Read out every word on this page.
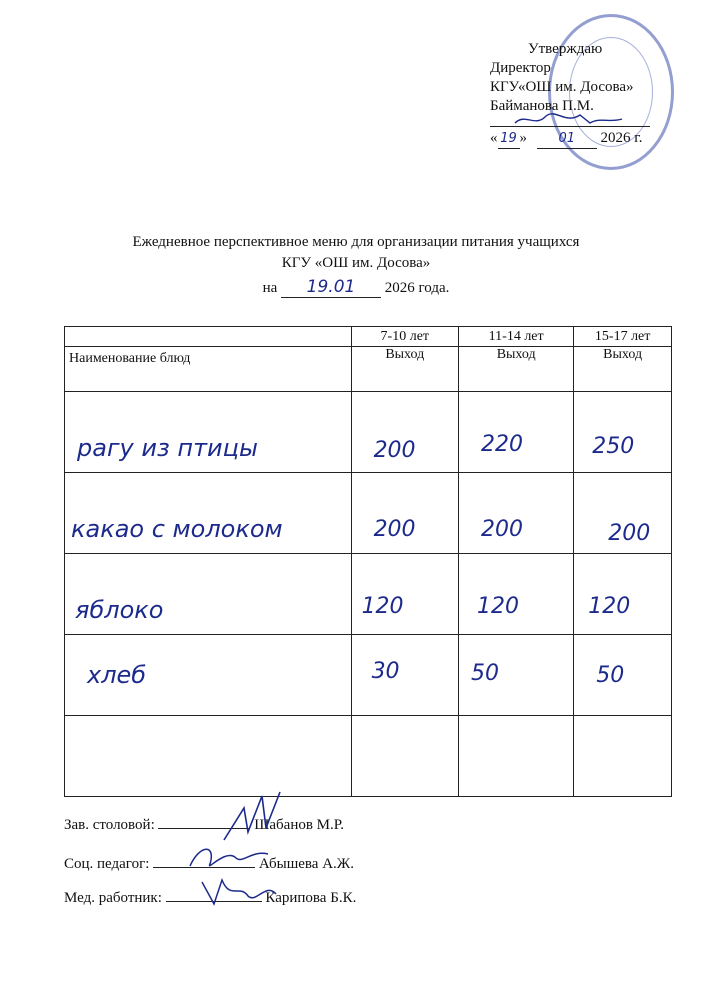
Утверждаю
Директор
КГУ«ОШ им. Досова»
Байманова П.М.
« 19 » 01 2026 г.
Ежедневное перспективное меню для организации питания учащихся
КГУ «ОШ им. Досова»
на 19.01 2026 года.
	7-10 лет	11-14 лет	15-17 лет
Наименование блюд	Выход	Выход	Выход

рагу из птицы	200	220	250

какао с молоком	200	200	200

яблоко	120	120	120

хлеб	30	50	50

Зав. столовой:	Шабанов М.Р.
Соц. педагог:	Абышева А.Ж.
Мед. работник:	Карипова Б.К.
